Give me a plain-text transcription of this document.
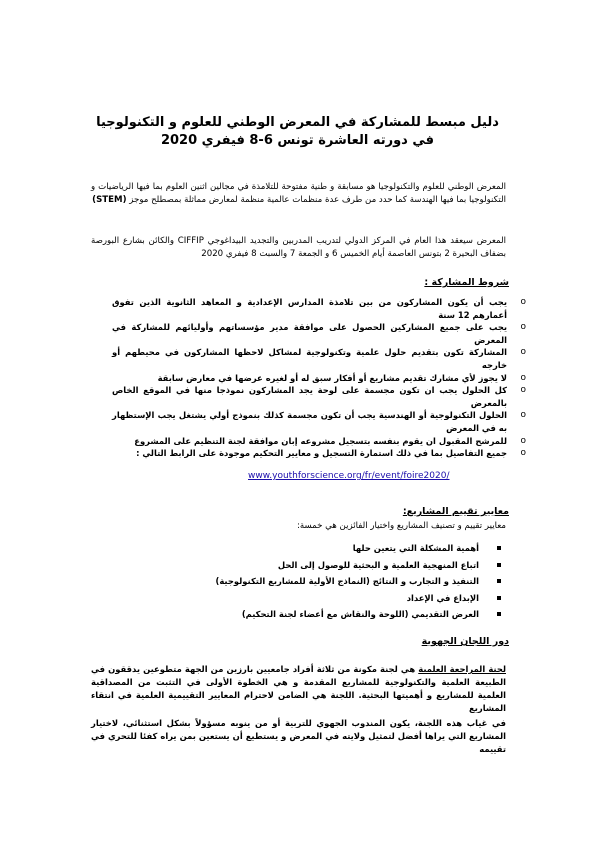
دليل مبسط للمشاركة في المعرض الوطني للعلوم و التكنولوجيا
في دورته العاشرة تونس 6-8 فيفري 2020
المعرض الوطني للعلوم والتكنولوجيا هو مسابقة و طنية مفتوحة للتلامذة في مجالين اثنين العلوم بما فيها الرياضيات و التكنولوجيا بما فيها الهندسة كما حدد من طرف عدة منظمات عالمية منظمة لمعارض مماثلة بمصطلح موجز (STEM)
المعرض سيعقد هذا العام في المركز الدولي لتدريب المدربين والتجديد البيداغوجي CIFFIP والكائن بشارع البورصة بضفاف البحيرة 2 بتونس العاصمة أيام الخميس 6 و الجمعة 7 والسبت 8 فيفري 2020
شروط المشاركة :
o
يجب أن يكون المشاركون من بين تلامذة المدارس الإعدادية و المعاهد الثانوية الذين تفوق أعمارهم 12 سنة
o
يجب على جميع المشاركين الحصول على موافقة مدير مؤسساتهم وأوليائهم للمشاركة في المعرض
o
المشاركة تكون بتقديم حلول علمية وتكنولوجية لمشاكل لاحظها المشاركون في محيطهم أو خارجه
o
لا يجوز لأي مشارك تقديم مشاريع أو أفكار سبق له أو لغيره عرضها في معارض سابقة
o
كل الحلول يجب ان تكون مجسمة على لوحة يجد المشاركون نموذجا منها في الموقع الخاص بالمعرض
o
الحلول التكنولوجية أو الهندسية يجب أن تكون مجسمة كذلك بنموذج أولي يشتغل يجب الإستظهار به في المعرض
o
للمرشح المقبول ان يقوم بنفسه بتسجيل مشروعه إبان موافقة لجنة التنظيم على المشروع
o
جميع التفاصيل بما في ذلك استمارة التسجيل و معايير التحكيم موجودة على الرابط التالي :
www.youthforscience.org/fr/event/foire2020/
معايير تقييم المشاريع:
معايير تقييم و تصنيف المشاريع واختيار الفائزين هي خمسة:
أهمية المشكلة التي يتعين حلها
اتباع المنهجية العلمية و البحثية للوصول إلى الحل
التنفيذ و التجارب و النتائج (النماذج الأولية للمشاريع التكنولوجية)
الإبداع في الإعداد
العرض التقديمي (اللوحة والنقاش مع أعضاء لجنة التحكيم)
دور اللجان الجهوية
لجنة المراجعة العلمية هي لجنة مكونة من ثلاثة أفراد جامعيين بارزين من الجهة متطوعين يدققون في الطبيعة العلمية والتكنولوجية للمشاريع المقدمة و هي الخطوة الأولى في التثبت من المصداقية العلمية للمشاريع و أهميتها البحثية. اللجنة هي الضامن لاحترام المعايير التقييمية العلمية في انتقاء المشاريع
في غياب هذه اللجنة، يكون المندوب الجهوي للتربية أو من ينوبه مسؤولاً بشكل استثنائي، لاختيار المشاريع التي يراها أفضل لتمثيل ولايته في المعرض و يستطيع أن يستعين بمن يراه كفئا للتحري في تقييمه
